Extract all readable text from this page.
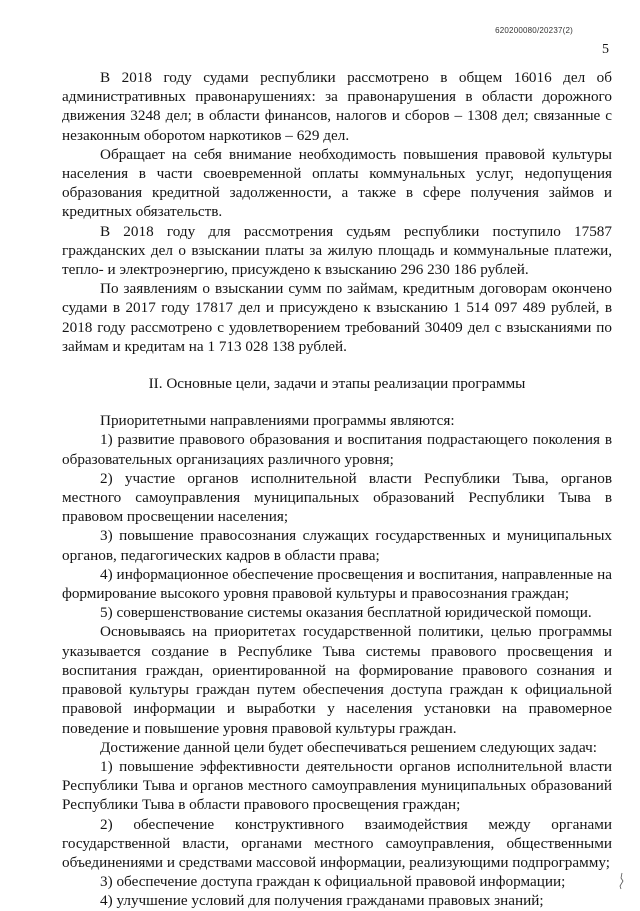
620200080/20237(2)
5

В 2018 году судами республики рассмотрено в общем 16016 дел об административных правонарушениях: за правонарушения в области дорожного движения 3248 дел; в области финансов, налогов и сборов – 1308 дел; связанные с незаконным оборотом наркотиков – 629 дел.

Обращает на себя внимание необходимость повышения правовой культуры населения в части своевременной оплаты коммунальных услуг, недопущения образования кредитной задолженности, а также в сфере получения займов и кредитных обязательств.

В 2018 году для рассмотрения судьям республики поступило 17587 гражданских дел о взыскании платы за жилую площадь и коммунальные платежи, тепло- и электроэнергию, присуждено к взысканию 296 230 186 рублей.

По заявлениям о взыскании сумм по займам, кредитным договорам окончено судами в 2017 году 17817 дел и присуждено к взысканию 1 514 097 489 рублей, в 2018 году рассмотрено с удовлетворением требований 30409 дел с взысканиями по займам и кредитам на 1 713 028 138 рублей.

II. Основные цели, задачи и этапы реализации программы

Приоритетными направлениями программы являются:

1) развитие правового образования и воспитания подрастающего поколения в образовательных организациях различного уровня;

2) участие органов исполнительной власти Республики Тыва, органов местного самоуправления муниципальных образований Республики Тыва в правовом просвещении населения;

3) повышение правосознания служащих государственных и муниципальных органов, педагогических кадров в области права;

4) информационное обеспечение просвещения и воспитания, направленные на формирование высокого уровня правовой культуры и правосознания граждан;

5) совершенствование системы оказания бесплатной юридической помощи.

Основываясь на приоритетах государственной политики, целью программы указывается создание в Республике Тыва системы правового просвещения и воспитания граждан, ориентированной на формирование правового сознания и правовой культуры граждан путем обеспечения доступа граждан к официальной правовой информации и выработки у населения установки на правомерное поведение и повышение уровня правовой культуры граждан.

Достижение данной цели будет обеспечиваться решением следующих задач:

1) повышение эффективности деятельности органов исполнительной власти Республики Тыва и органов местного самоуправления муниципальных образований Республики Тыва в области правового просвещения граждан;

2) обеспечение конструктивного взаимодействия между органами государственной власти, органами местного самоуправления, общественными объединениями и средствами массовой информации, реализующими подпрограмму;

3) обеспечение доступа граждан к официальной правовой информации;

4) улучшение условий для получения гражданами правовых знаний;
